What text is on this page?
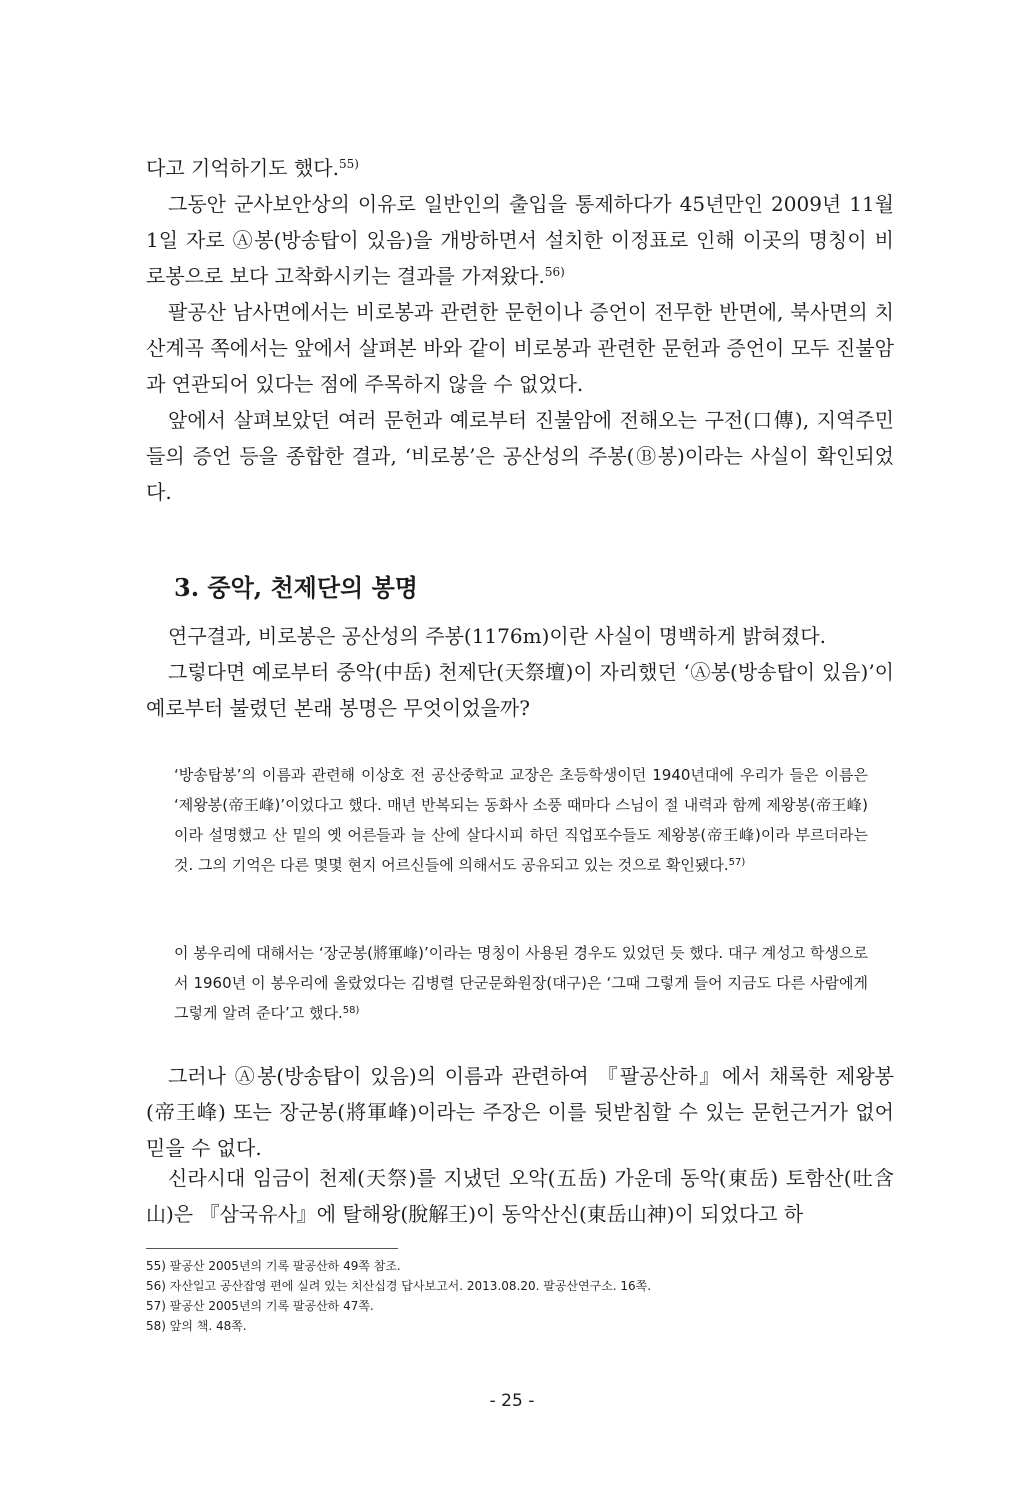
다고 기억하기도 했다.$^{55)}$

그동안 군사보안상의 이유로 일반인의 출입을 통제하다가 45년만인 2009년 11월 1일 자로 Ⓐ봉(방송탑이 있음)을 개방하면서 설치한 이정표로 인해 이곳의 명칭이 비로봉으로 보다 고착화시키는 결과를 가져왔다.$^{56)}$

팔공산 남사면에서는 비로봉과 관련한 문헌이나 증언이 전무한 반면에, 북사면의 치산계곡 쪽에서는 앞에서 살펴본 바와 같이 비로봉과 관련한 문헌과 증언이 모두 진불암과 연관되어 있다는 점에 주목하지 않을 수 없었다.

앞에서 살펴보았던 여러 문헌과 예로부터 진불암에 전해오는 구전(口傳), 지역주민들의 증언 등을 종합한 결과, ‘비로봉’은 공산성의 주봉(Ⓑ봉)이라는 사실이 확인되었다.

3. 중악, 천제단의 봉명

연구결과, 비로봉은 공산성의 주봉(1176m)이란 사실이 명백하게 밝혀졌다.

그렇다면 예로부터 중악(中岳) 천제단(天祭壇)이 자리했던 ‘Ⓐ봉(방송탑이 있음)’이 예로부터 불렸던 본래 봉명은 무엇이었을까?

‘방송탑봉’의 이름과 관련해 이상호 전 공산중학교 교장은 초등학생이던 1940년대에 우리가 들은 이름은 ‘제왕봉(帝王峰)’이었다고 했다. 매년 반복되는 동화사 소풍 때마다 스님이 절 내력과 함께 제왕봉(帝王峰)이라 설명했고 산 밑의 옛 어른들과 늘 산에 살다시피 하던 직업포수들도 제왕봉(帝王峰)이라 부르더라는 것. 그의 기억은 다른 몇몇 현지 어르신들에 의해서도 공유되고 있는 것으로 확인됐다.$^{57)}$

이 봉우리에 대해서는 ‘장군봉(將軍峰)’이라는 명칭이 사용된 경우도 있었던 듯 했다. 대구 계성고 학생으로서 1960년 이 봉우리에 올랐었다는 김병렬 단군문화원장(대구)은 ‘그때 그렇게 들어 지금도 다른 사람에게 그렇게 알려 준다’고 했다.$^{58)}$

그러나 Ⓐ봉(방송탑이 있음)의 이름과 관련하여 『팔공산하』에서 채록한 제왕봉(帝王峰) 또는 장군봉(將軍峰)이라는 주장은 이를 뒷받침할 수 있는 문헌근거가 없어 믿을 수 없다.

신라시대 임금이 천제(天祭)를 지냈던 오악(五岳) 가운데 동악(東岳) 토함산(吐含山)은 『삼국유사』에 탈해왕(脫解王)이 동악산신(東岳山神)이 되었다고 하

55) 팔공산 2005년의 기록 팔공산하 49쪽 참조.
56) 자산일고 공산잡영 편에 실려 있는 치산십경 답사보고서. 2013.08.20. 팔공산연구소. 16쪽.
57) 팔공산 2005년의 기록 팔공산하 47쪽.
58) 앞의 책. 48쪽.
- 25 -
